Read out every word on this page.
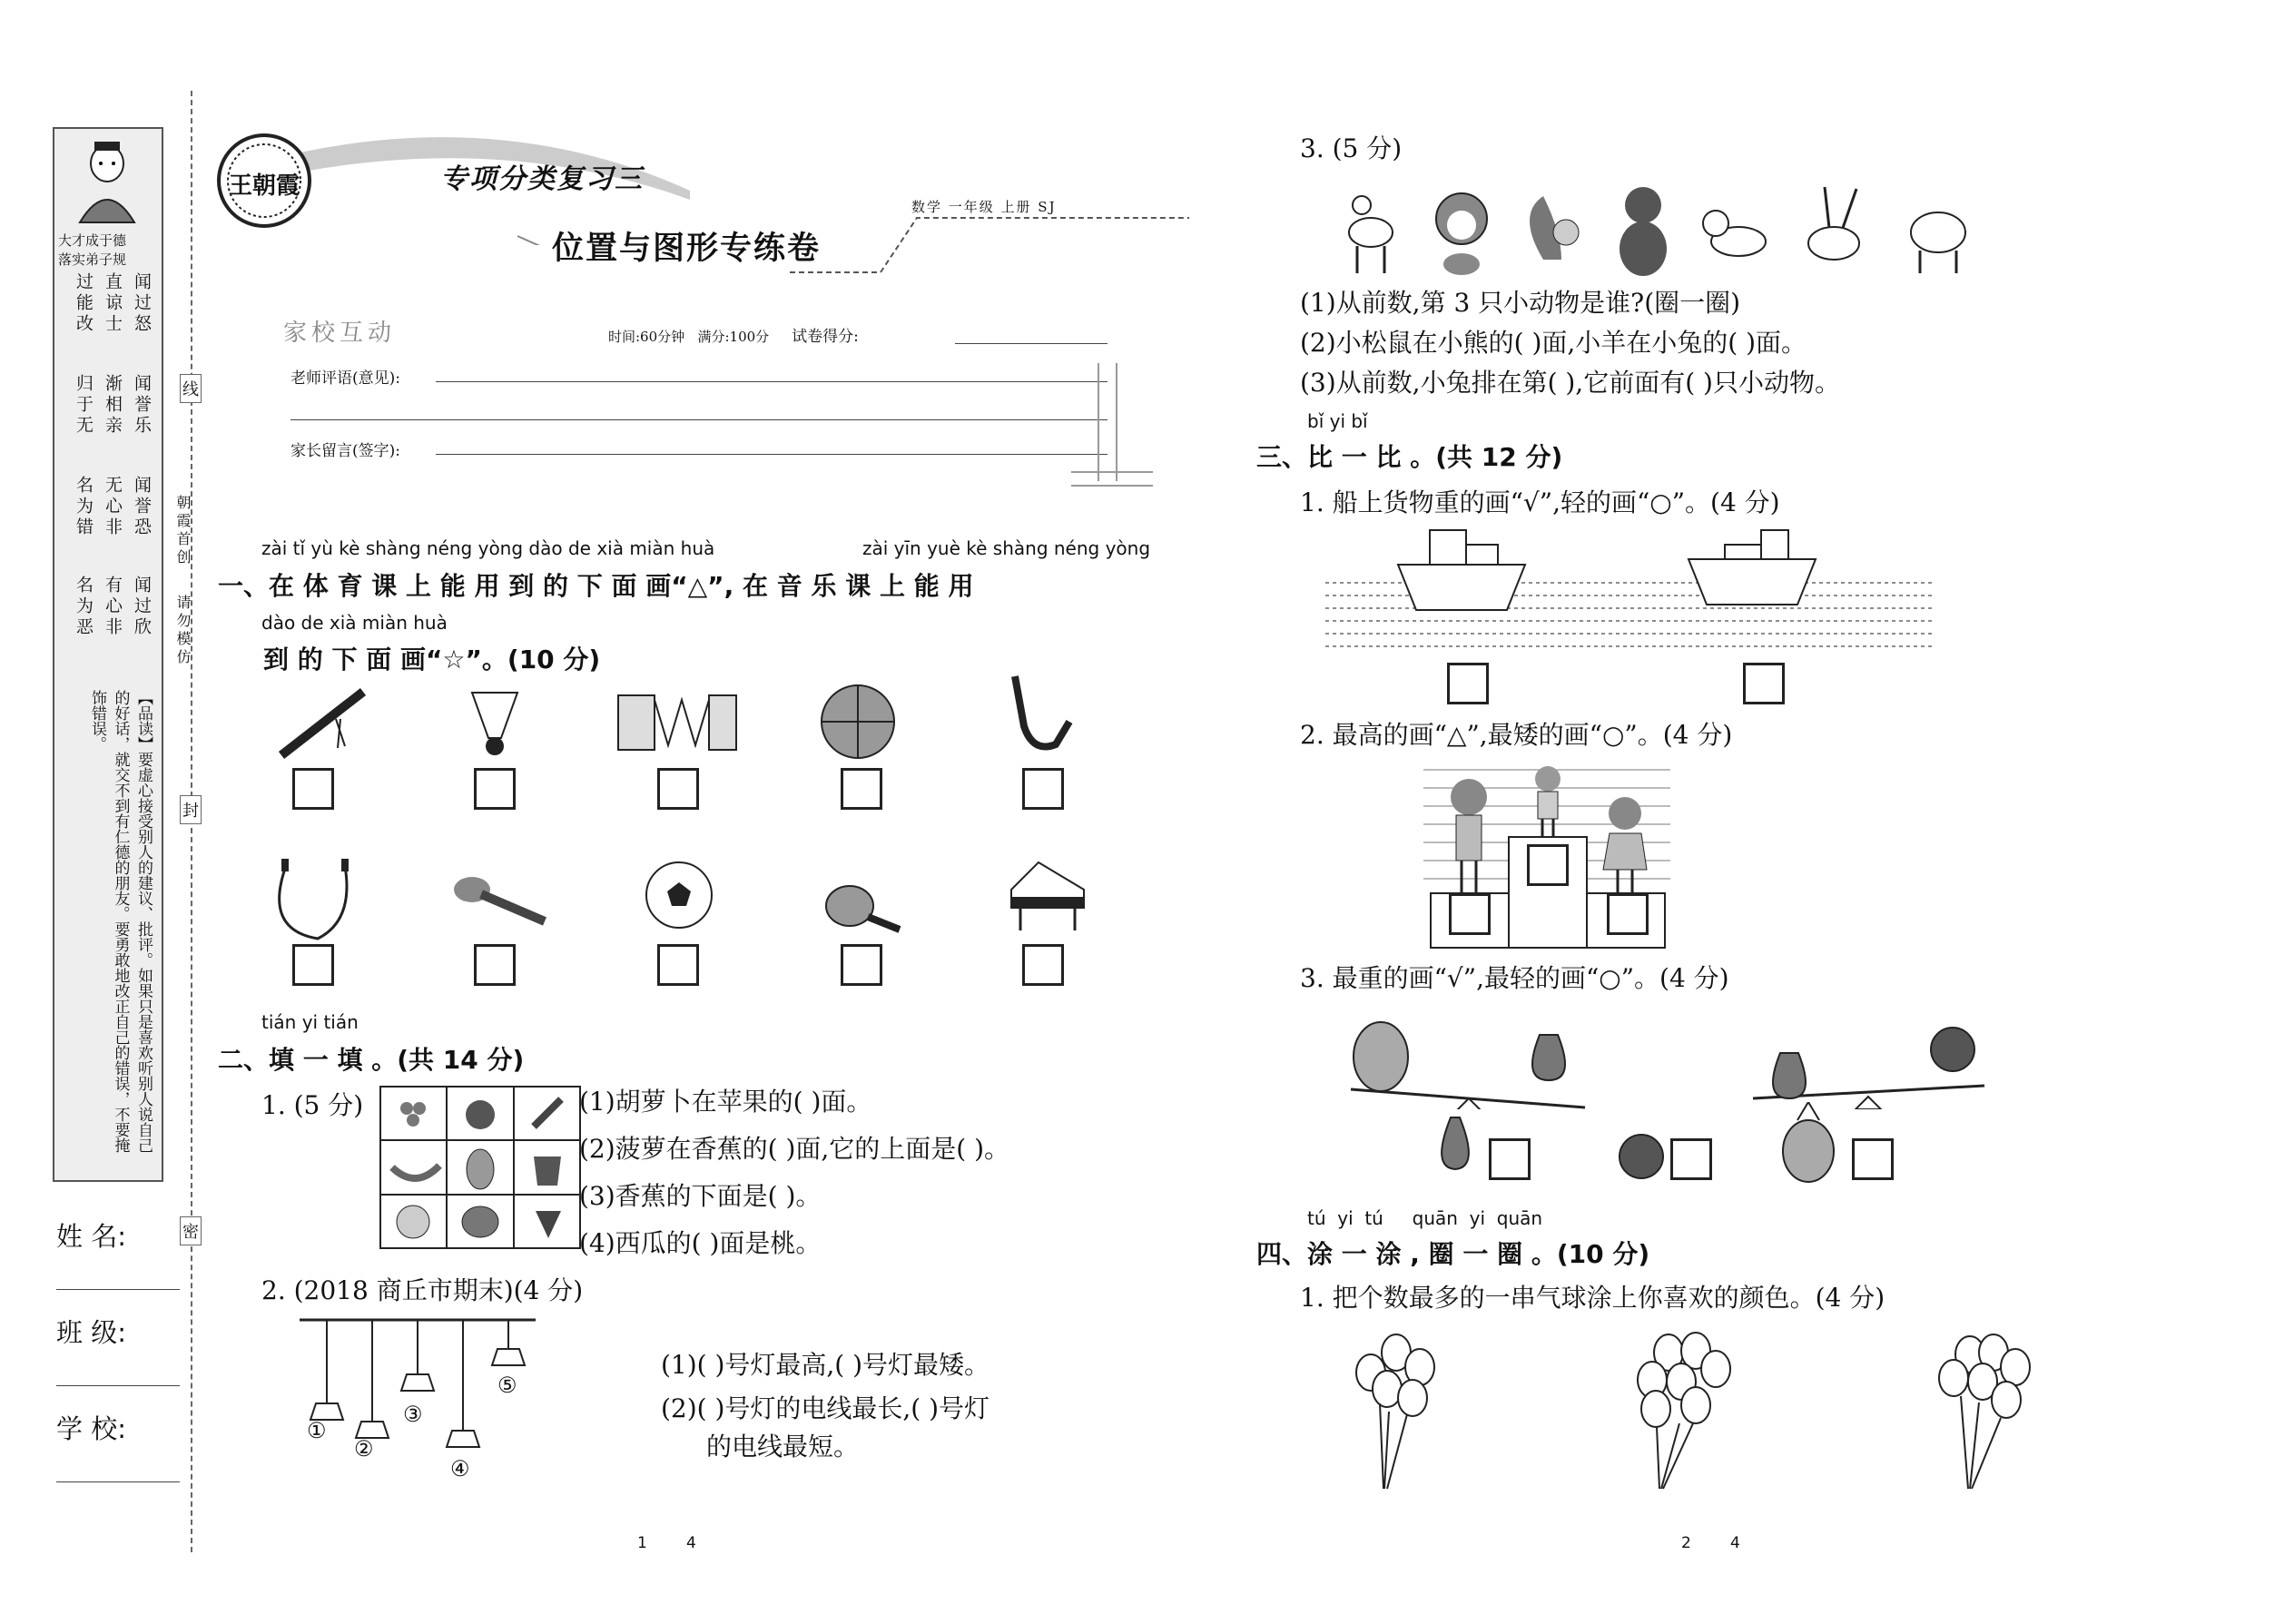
大才成于德
落实弟子规
闻过怒
闻誉乐
闻誉恐
闻过欣
直谅士
渐相亲
无心非
有心非
过能改
归于无
名为错
名为恶
【品读】要虚心接受别人的建议、批评。如果只是喜欢听别人说自己的好话，就交不到有仁德的朋友。要勇敢地改正自己的错误，不要掩饰错误。
姓 名:
班 级:
学 校:
线
朝霞首创
请勿模仿
封
密
王朝霞	专项分类复习三
位置与图形专练卷
数学 一年级 上册 SJ
家校互动	时间:60分钟 满分:100分 试卷得分:
老师评语(意见):
家长留言(签字):
zài tǐ yù kè shàng néng yòng dào de xià miàn huà	zài yīn yuè kè shàng néng yòng
一、在 体 育 课 上 能 用 到 的 下 面 画“△”, 在 音 乐 课 上 能 用
dào de xià miàn huà
到 的 下 面 画“☆”。(10 分)
tián yi tián
二、填 一 填 。(共 14 分)
1. (5 分)	(1)胡萝卜在苹果的( )面。
(2)菠萝在香蕉的( )面,它的上面是( )。
(3)香蕉的下面是( )。
(4)西瓜的( )面是桃。
2. (2018 商丘市期末)(4 分)
①
②
③
④
⑤
(1)( )号灯最高,( )号灯最矮。
(2)( )号灯的电线最长,( )号灯
的电线最短。
1        4
3. (5 分)
(1)从前数,第 3 只小动物是谁?(圈一圈)
(2)小松鼠在小熊的( )面,小羊在小兔的( )面。
(3)从前数,小兔排在第( ),它前面有( )只小动物。
bǐ yi bǐ
三、比 一 比 。(共 12 分)
1. 船上货物重的画“√”,轻的画“○”。(4 分)
2. 最高的画“△”,最矮的画“○”。(4 分)
3. 最重的画“√”,最轻的画“○”。(4 分)
tú  yi  tú     quān  yi  quān
四、涂 一 涂 , 圈 一 圈 。(10 分)
1. 把个数最多的一串气球涂上你喜欢的颜色。(4 分)
2        4
